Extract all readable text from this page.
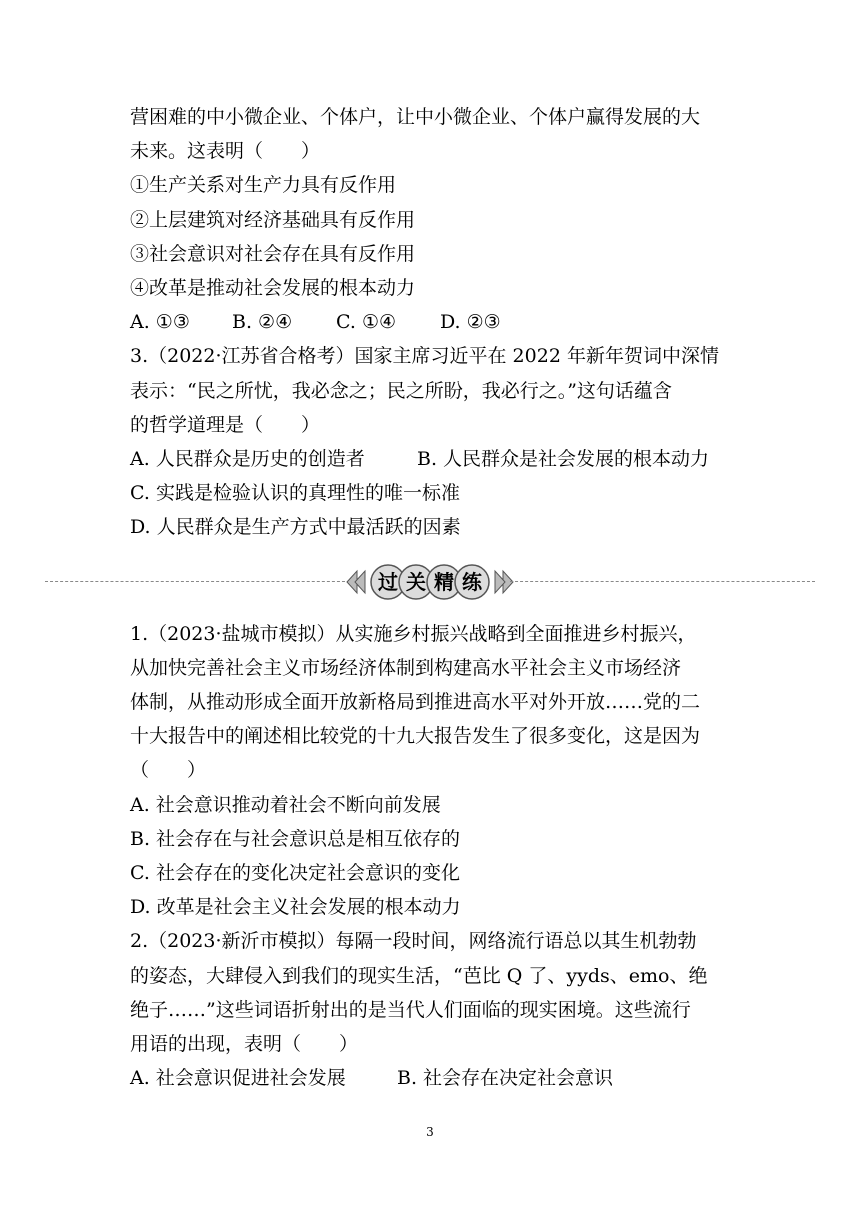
营困难的中小微企业、个体户，让中小微企业、个体户赢得发展的大
未来。这表明（　　）
①生产关系对生产力具有反作用
②上层建筑对经济基础具有反作用
③社会意识对社会存在具有反作用
④改革是推动社会发展的根本动力
A. ①③ B. ②④ C. ①④ D. ②③
3.（2022·江苏省合格考）国家主席习近平在 2022 年新年贺词中深情
表示：“民之所忧，我必念之；民之所盼，我必行之。”这句话蕴含
的哲学道理是（　　）
A. 人民群众是历史的创造者	B. 人民群众是社会发展的根本动力
C. 实践是检验认识的真理性的唯一标准
D. 人民群众是生产方式中最活跃的因素
过 关 精 练
1.（2023·盐城市模拟）从实施乡村振兴战略到全面推进乡村振兴，
从加快完善社会主义市场经济体制到构建高水平社会主义市场经济
体制，从推动形成全面开放新格局到推进高水平对外开放……党的二
十大报告中的阐述相比较党的十九大报告发生了很多变化，这是因为
（　　）
A. 社会意识推动着社会不断向前发展
B. 社会存在与社会意识总是相互依存的
C. 社会存在的变化决定社会意识的变化
D. 改革是社会主义社会发展的根本动力
2.（2023·新沂市模拟）每隔一段时间，网络流行语总以其生机勃勃
的姿态，大肆侵入到我们的现实生活，“芭比 Q 了、yyds、emo、绝
绝子……”这些词语折射出的是当代人们面临的现实困境。这些流行
用语的出现，表明（　　）
A. 社会意识促进社会发展	B. 社会存在决定社会意识
3
